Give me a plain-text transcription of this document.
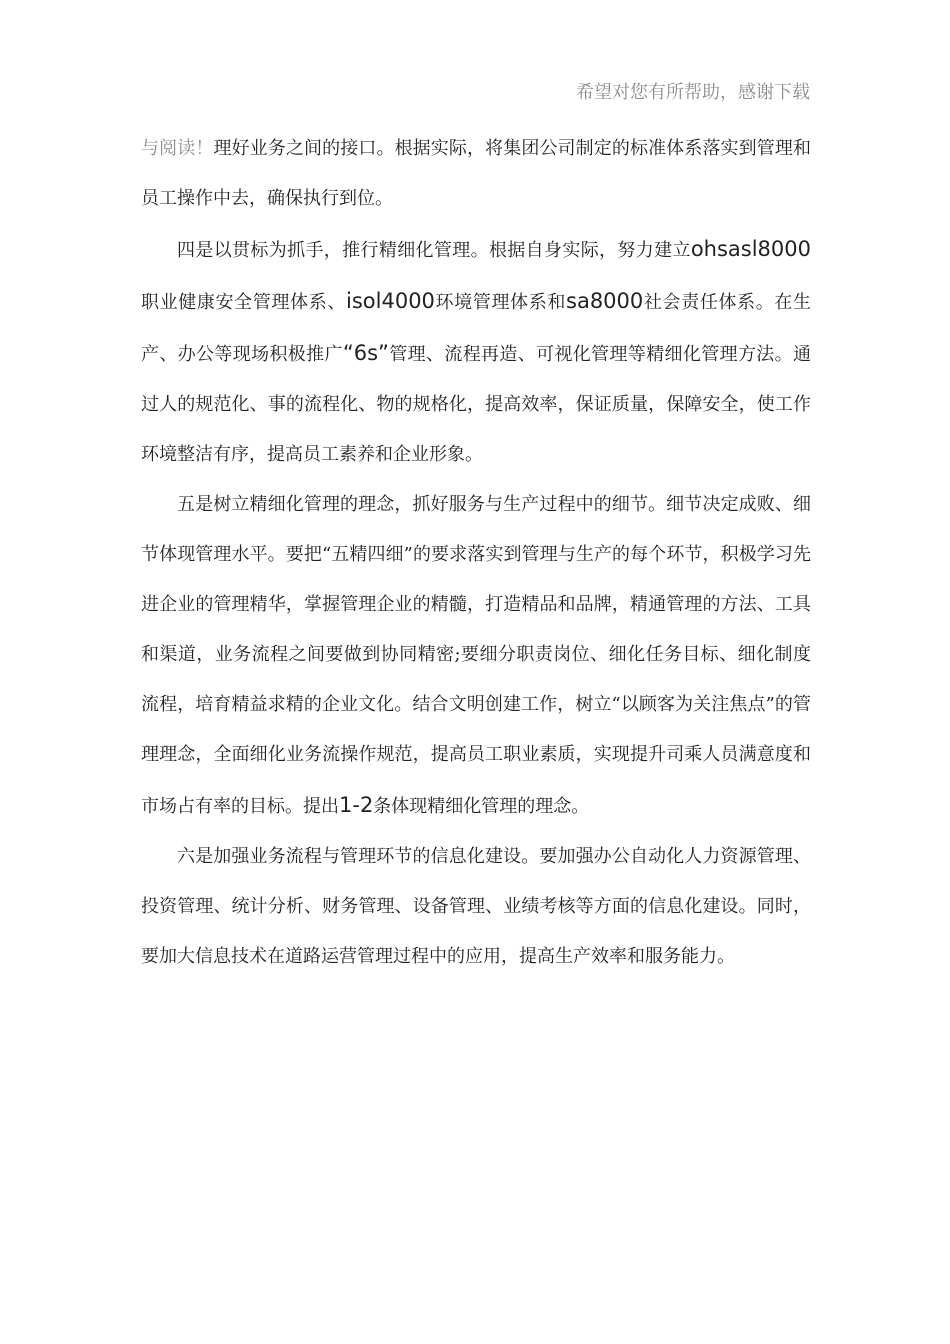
希望对您有所帮助，感谢下载

与阅读！理好业务之间的接口。根据实际，将集团公司制定的标准体系落实到管理和员工操作中去，确保执行到位。

四是以贯标为抓手，推行精细化管理。根据自身实际，努力建立ohsasl8000职业健康安全管理体系、isol4000环境管理体系和sa8000社会责任体系。在生产、办公等现场积极推广“6s”管理、流程再造、可视化管理等精细化管理方法。通过人的规范化、事的流程化、物的规格化，提高效率，保证质量，保障安全，使工作环境整洁有序，提高员工素养和企业形象。

五是树立精细化管理的理念，抓好服务与生产过程中的细节。细节决定成败、细节体现管理水平。要把“五精四细”的要求落实到管理与生产的每个环节，积极学习先进企业的管理精华，掌握管理企业的精髓，打造精品和品牌，精通管理的方法、工具和渠道，业务流程之间要做到协同精密;要细分职责岗位、细化任务目标、细化制度流程，培育精益求精的企业文化。结合文明创建工作，树立“以顾客为关注焦点”的管理理念，全面细化业务流操作规范，提高员工职业素质，实现提升司乘人员满意度和市场占有率的目标。提出1-2条体现精细化管理的理念。

六是加强业务流程与管理环节的信息化建设。要加强办公自动化人力资源管理、投资管理、统计分析、财务管理、设备管理、业绩考核等方面的信息化建设。同时，要加大信息技术在道路运营管理过程中的应用，提高生产效率和服务能力。
